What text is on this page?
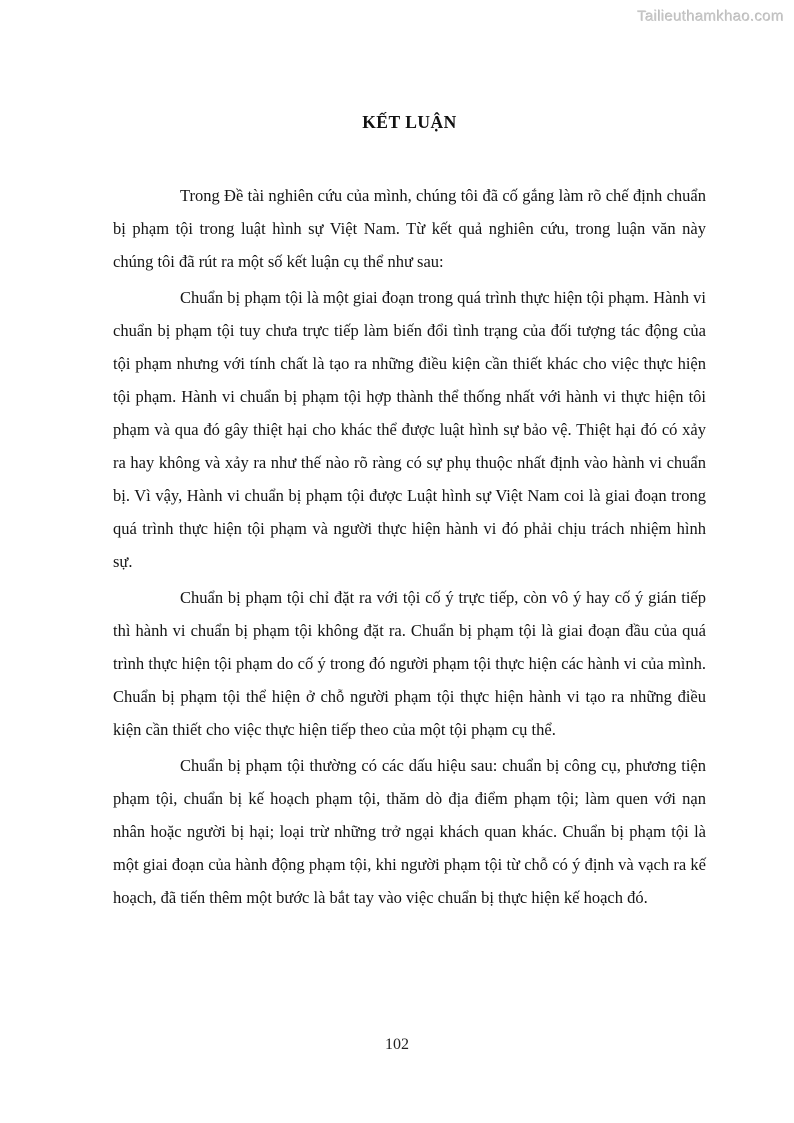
Tailieuthamkhao.com
KẾT LUẬN

Trong Đề tài nghiên cứu của mình, chúng tôi đã cố gắng làm rõ chế định chuẩn bị phạm tội trong luật hình sự Việt Nam. Từ kết quả nghiên cứu, trong luận văn này chúng tôi đã rút ra một số kết luận cụ thể như sau:

Chuẩn bị phạm tội là một giai đoạn trong quá trình thực hiện tội phạm. Hành vi chuẩn bị phạm tội tuy chưa trực tiếp làm biến đổi tình trạng của đối tượng tác động của tội phạm nhưng với tính chất là tạo ra những điều kiện cần thiết khác cho việc thực hiện tội phạm. Hành vi chuẩn bị phạm tội hợp thành thể thống nhất với hành vi thực hiện tôi phạm và qua đó gây thiệt hại cho khác thể được luật hình sự bảo vệ. Thiệt hại đó có xảy ra hay không và xảy ra như thế nào rõ ràng có sự phụ thuộc nhất định vào hành vi chuẩn bị. Vì vậy, Hành vi chuẩn bị phạm tội được Luật hình sự Việt Nam coi là giai đoạn trong quá trình thực hiện tội phạm và người thực hiện hành vi đó phải chịu trách nhiệm hình sự.

Chuẩn bị phạm tội chỉ đặt ra với tội cố ý trực tiếp, còn vô ý hay cố ý gián tiếp thì hành vi chuẩn bị phạm tội không đặt ra. Chuẩn bị phạm tội là giai đoạn đầu của quá trình thực hiện tội phạm do cố ý trong đó người phạm tội thực hiện các hành vi của mình. Chuẩn bị phạm tội thể hiện ở chỗ người phạm tội thực hiện hành vi tạo ra những điều kiện cần thiết cho việc thực hiện tiếp theo của một tội phạm cụ thể.

Chuẩn bị phạm tội thường có các dấu hiệu sau: chuẩn bị công cụ, phương tiện phạm tội, chuẩn bị kế hoạch phạm tội, thăm dò địa điểm phạm tội; làm quen với nạn nhân hoặc người bị hại; loại trừ những trở ngại khách quan khác. Chuẩn bị phạm tội là một giai đoạn của hành động phạm tội, khi người phạm tội từ chỗ có ý định và vạch ra kế hoạch, đã tiến thêm một bước là bắt tay vào việc chuẩn bị thực hiện kế hoạch đó.

102
